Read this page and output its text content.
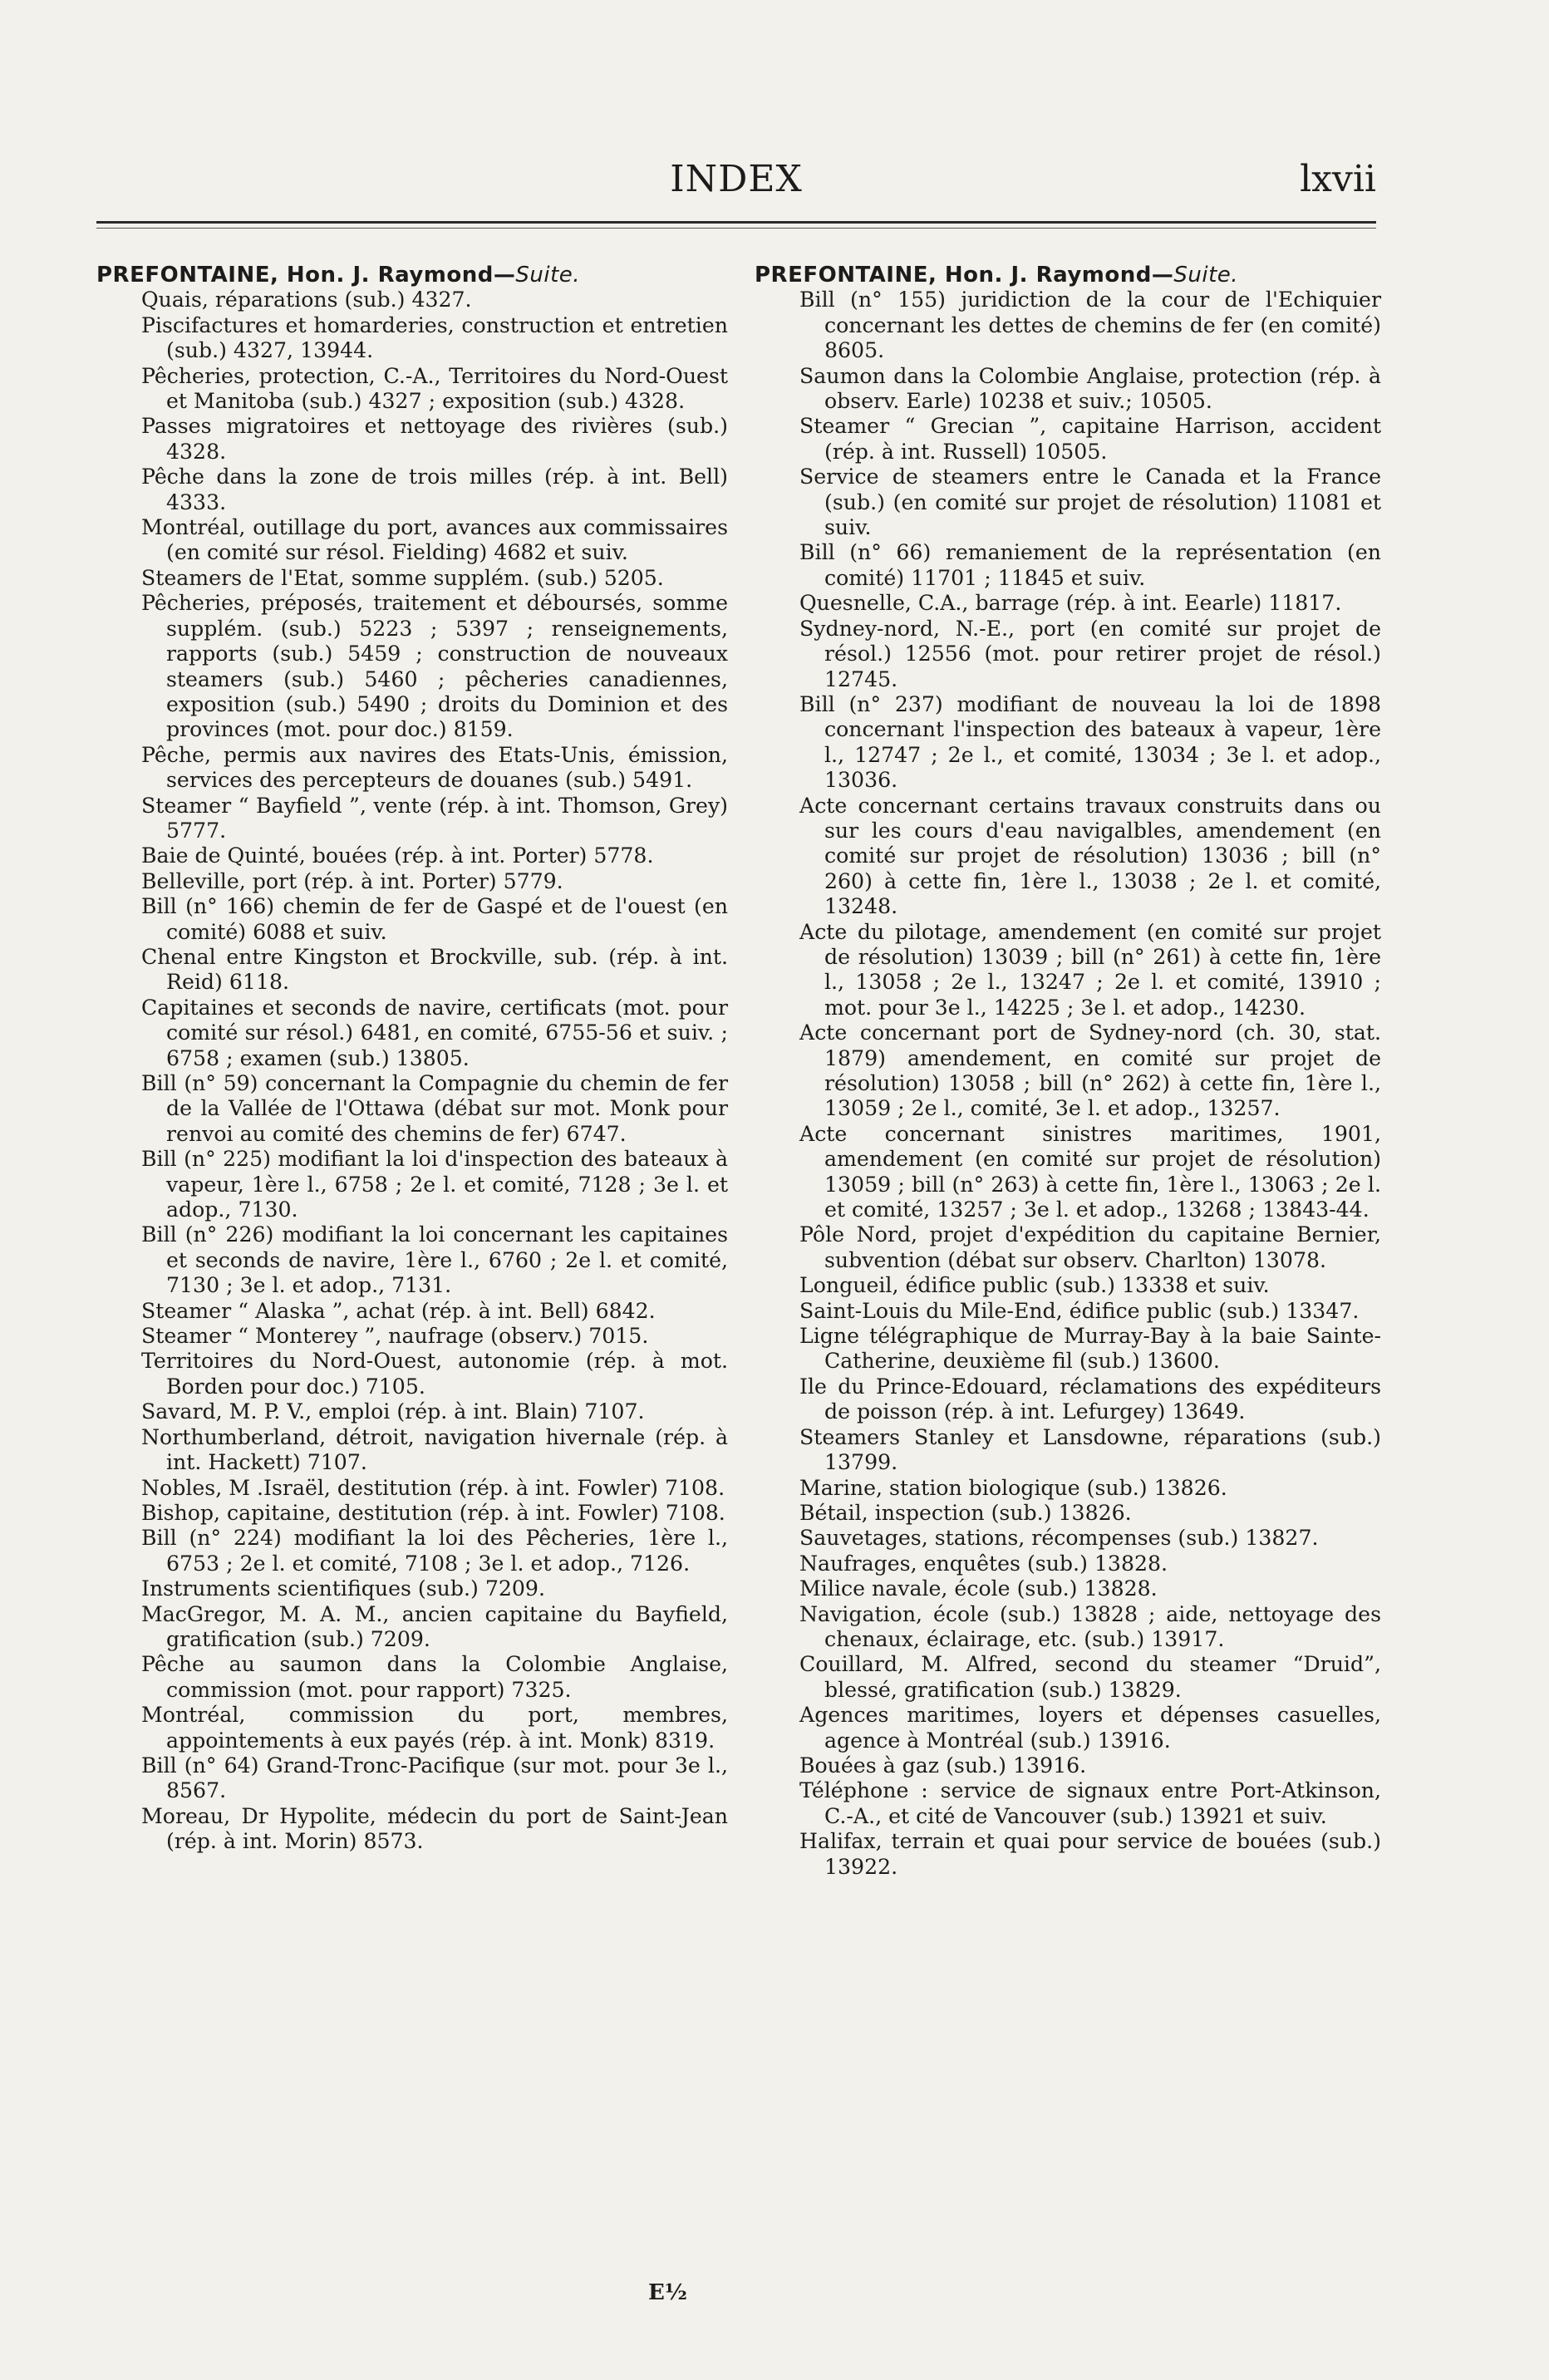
INDEX	lxvii
PREFONTAINE, Hon. J. Raymond—Suite.
Quais, réparations (sub.) 4327.
Piscifactures et homarderies, construction et entretien (sub.) 4327, 13944.
Pêcheries, protection, C.-A., Territoires du Nord-Ouest et Manitoba (sub.) 4327 ; exposition (sub.) 4328.
Passes migratoires et nettoyage des rivières (sub.) 4328.
Pêche dans la zone de trois milles (rép. à int. Bell) 4333.
Montréal, outillage du port, avances aux commissaires (en comité sur résol. Fielding) 4682 et suiv.
Steamers de l'Etat, somme supplém. (sub.) 5205.
Pêcheries, préposés, traitement et déboursés, somme supplém. (sub.) 5223 ; 5397 ; renseignements, rapports (sub.) 5459 ; construction de nouveaux steamers (sub.) 5460 ; pêcheries canadiennes, exposition (sub.) 5490 ; droits du Dominion et des provinces (mot. pour doc.) 8159.
Pêche, permis aux navires des Etats-Unis, émission, services des percepteurs de douanes (sub.) 5491.
Steamer “ Bayfield ”, vente (rép. à int. Thomson, Grey) 5777.
Baie de Quinté, bouées (rép. à int. Porter) 5778.
Belleville, port (rép. à int. Porter) 5779.
Bill (n° 166) chemin de fer de Gaspé et de l'ouest (en comité) 6088 et suiv.
Chenal entre Kingston et Brockville, sub. (rép. à int. Reid) 6118.
Capitaines et seconds de navire, certificats (mot. pour comité sur résol.) 6481, en comité, 6755-56 et suiv. ; 6758 ; examen (sub.) 13805.
Bill (n° 59) concernant la Compagnie du chemin de fer de la Vallée de l'Ottawa (débat sur mot. Monk pour renvoi au comité des chemins de fer) 6747.
Bill (n° 225) modifiant la loi d'inspection des bateaux à vapeur, 1ère l., 6758 ; 2e l. et comité, 7128 ; 3e l. et adop., 7130.
Bill (n° 226) modifiant la loi concernant les capitaines et seconds de navire, 1ère l., 6760 ; 2e l. et comité, 7130 ; 3e l. et adop., 7131.
Steamer “ Alaska ”, achat (rép. à int. Bell) 6842.
Steamer “ Monterey ”, naufrage (observ.) 7015.
Territoires du Nord-Ouest, autonomie (rép. à mot. Borden pour doc.) 7105.
Savard, M. P. V., emploi (rép. à int. Blain) 7107.
Northumberland, détroit, navigation hivernale (rép. à int. Hackett) 7107.
Nobles, M .Israël, destitution (rép. à int. Fowler) 7108.
Bishop, capitaine, destitution (rép. à int. Fowler) 7108.
Bill (n° 224) modifiant la loi des Pêcheries, 1ère l., 6753 ; 2e l. et comité, 7108 ; 3e l. et adop., 7126.
Instruments scientifiques (sub.) 7209.
MacGregor, M. A. M., ancien capitaine du Bayfield, gratification (sub.) 7209.
Pêche au saumon dans la Colombie Anglaise, commission (mot. pour rapport) 7325.
Montréal, commission du port, membres, appointements à eux payés (rép. à int. Monk) 8319.
Bill (n° 64) Grand-Tronc-Pacifique (sur mot. pour 3e l., 8567.
Moreau, Dr Hypolite, médecin du port de Saint-Jean (rép. à int. Morin) 8573.
PREFONTAINE, Hon. J. Raymond—Suite.
Bill (n° 155) juridiction de la cour de l'Echiquier concernant les dettes de chemins de fer (en comité) 8605.
Saumon dans la Colombie Anglaise, protection (rép. à observ. Earle) 10238 et suiv.; 10505.
Steamer “ Grecian ”, capitaine Harrison, accident (rép. à int. Russell) 10505.
Service de steamers entre le Canada et la France (sub.) (en comité sur projet de résolution) 11081 et suiv.
Bill (n° 66) remaniement de la représentation (en comité) 11701 ; 11845 et suiv.
Quesnelle, C.A., barrage (rép. à int. Eearle) 11817.
Sydney-nord, N.-E., port (en comité sur projet de résol.) 12556 (mot. pour retirer projet de résol.) 12745.
Bill (n° 237) modifiant de nouveau la loi de 1898 concernant l'inspection des bateaux à vapeur, 1ère l., 12747 ; 2e l., et comité, 13034 ; 3e l. et adop., 13036.
Acte concernant certains travaux construits dans ou sur les cours d'eau navigalbles, amendement (en comité sur projet de résolution) 13036 ; bill (n° 260) à cette fin, 1ère l., 13038 ; 2e l. et comité, 13248.
Acte du pilotage, amendement (en comité sur projet de résolution) 13039 ; bill (n° 261) à cette fin, 1ère l., 13058 ; 2e l., 13247 ; 2e l. et comité, 13910 ; mot. pour 3e l., 14225 ; 3e l. et adop., 14230.
Acte concernant port de Sydney-nord (ch. 30, stat. 1879) amendement, en comité sur projet de résolution) 13058 ; bill (n° 262) à cette fin, 1ère l., 13059 ; 2e l., comité, 3e l. et adop., 13257.
Acte concernant sinistres maritimes, 1901, amendement (en comité sur projet de résolution) 13059 ; bill (n° 263) à cette fin, 1ère l., 13063 ; 2e l. et comité, 13257 ; 3e l. et adop., 13268 ; 13843-44.
Pôle Nord, projet d'expédition du capitaine Bernier, subvention (débat sur observ. Charlton) 13078.
Longueil, édifice public (sub.) 13338 et suiv.
Saint-Louis du Mile-End, édifice public (sub.) 13347.
Ligne télégraphique de Murray-Bay à la baie Sainte-Catherine, deuxième fil (sub.) 13600.
Ile du Prince-Edouard, réclamations des expéditeurs de poisson (rép. à int. Lefurgey) 13649.
Steamers Stanley et Lansdowne, réparations (sub.) 13799.
Marine, station biologique (sub.) 13826.
Bétail, inspection (sub.) 13826.
Sauvetages, stations, récompenses (sub.) 13827.
Naufrages, enquêtes (sub.) 13828.
Milice navale, école (sub.) 13828.
Navigation, école (sub.) 13828 ; aide, nettoyage des chenaux, éclairage, etc. (sub.) 13917.
Couillard, M. Alfred, second du steamer “Druid”, blessé, gratification (sub.) 13829.
Agences maritimes, loyers et dépenses casuelles, agence à Montréal (sub.) 13916.
Bouées à gaz (sub.) 13916.
Téléphone : service de signaux entre Port-Atkinson, C.-A., et cité de Vancouver (sub.) 13921 et suiv.
Halifax, terrain et quai pour service de bouées (sub.) 13922.
E½
